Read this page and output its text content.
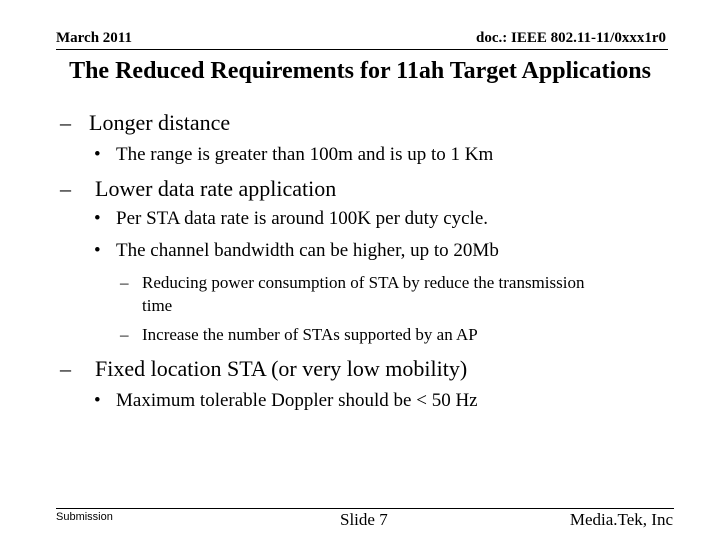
March 2011	doc.: IEEE 802.11-11/0xxx1r0
The Reduced Requirements for 11ah Target Applications
– Longer distance
• The range is greater than 100m and is up to 1 Km
– Lower data rate application
• Per STA data rate is around 100K per duty cycle.
• The channel bandwidth can be higher, up to 20Mb
– Reducing power consumption of STA by reduce the transmission
time
– Increase the number of STAs supported by an AP
– Fixed location STA (or very low mobility)
• Maximum tolerable Doppler should be < 50 Hz
Submission	Slide 7	Media.Tek, Inc
